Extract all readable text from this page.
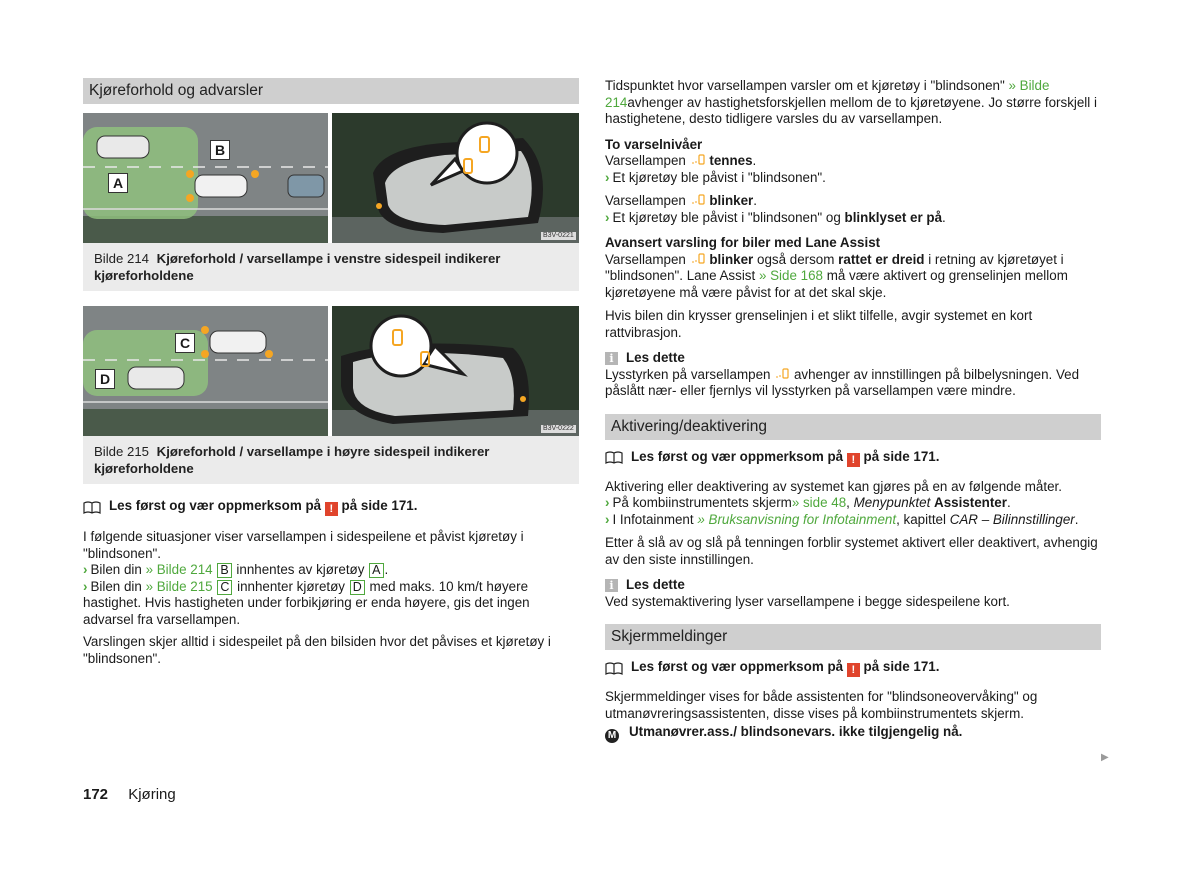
Kjøreforhold og advarsler
A
B
B3V-0221
Bilde 214 Kjøreforhold / varsellampe i venstre sidespeil indikerer kjøreforholdene
C
D
B3V-0222
Bilde 215 Kjøreforhold / varsellampe i høyre sidespeil indikerer kjøreforholdene
Les først og vær oppmerksom på ! på side 171.

I følgende situasjoner viser varsellampen i sidespeilene et påvist kjøretøy i "blindsonen".

› Bilen din » Bilde 214 B innhentes av kjøretøy A .

› Bilen din » Bilde 215 C innhenter kjøretøy D med maks. 10 km/t høyere hastighet. Hvis hastigheten under forbikjøring er enda høyere, gis det ingen advarsel fra varsellampen.

Varslingen skjer alltid i sidespeilet på den bilsiden hvor det påvises et kjøretøy i "blindsonen".

Tidspunktet hvor varsellampen varsler om et kjøretøy i "blindsonen" » Bilde 214avhenger av hastighetsforskjellen mellom de to kjøretøyene. Jo større forskjell i hastighetene, desto tidligere varsles du av varsellampen.

To varselnivåer

Varsellampen tennes.

› Et kjøretøy ble påvist i "blindsonen".

Varsellampen blinker.

› Et kjøretøy ble påvist i "blindsonen" og blinklyset er på.

Avansert varsling for biler med Lane Assist

Varsellampen blinker også dersom rattet er dreid i retning av kjøretøyet i "blindsonen". Lane Assist » Side 168 må være aktivert og grenselinjen mellom kjøretøyene må være påvist for at det skal skje.

Hvis bilen din krysser grenselinjen i et slikt tilfelle, avgir systemet en kort rattvibrasjon.

i Les dette

Lysstyrken på varsellampen avhenger av innstillingen på bilbelysningen. Ved påslått nær- eller fjernlys vil lysstyrken på varsellampen være mindre.

Aktivering/deaktivering
Les først og vær oppmerksom på ! på side 171.

Aktivering eller deaktivering av systemet kan gjøres på en av følgende måter.

› På kombiinstrumentets skjerm» side 48, Menypunktet Assistenter.

› I Infotainment » Bruksanvisning for Infotainment, kapittel CAR – Bilinnstillinger.

Etter å slå av og slå på tenningen forblir systemet aktivert eller deaktivert, avhengig av den siste innstillingen.

i Les dette

Ved systemaktivering lyser varsellampene i begge sidespeilene kort.

Skjermmeldinger
Les først og vær oppmerksom på ! på side 171.

Skjermmeldinger vises for både assistenten for "blindsoneovervåking" og utmanøvreringsassistenten, disse vises på kombiinstrumentets skjerm.

M Utmanøvrer.ass./ blindsonevars. ikke tilgjengelig nå.

▶
172 Kjøring
